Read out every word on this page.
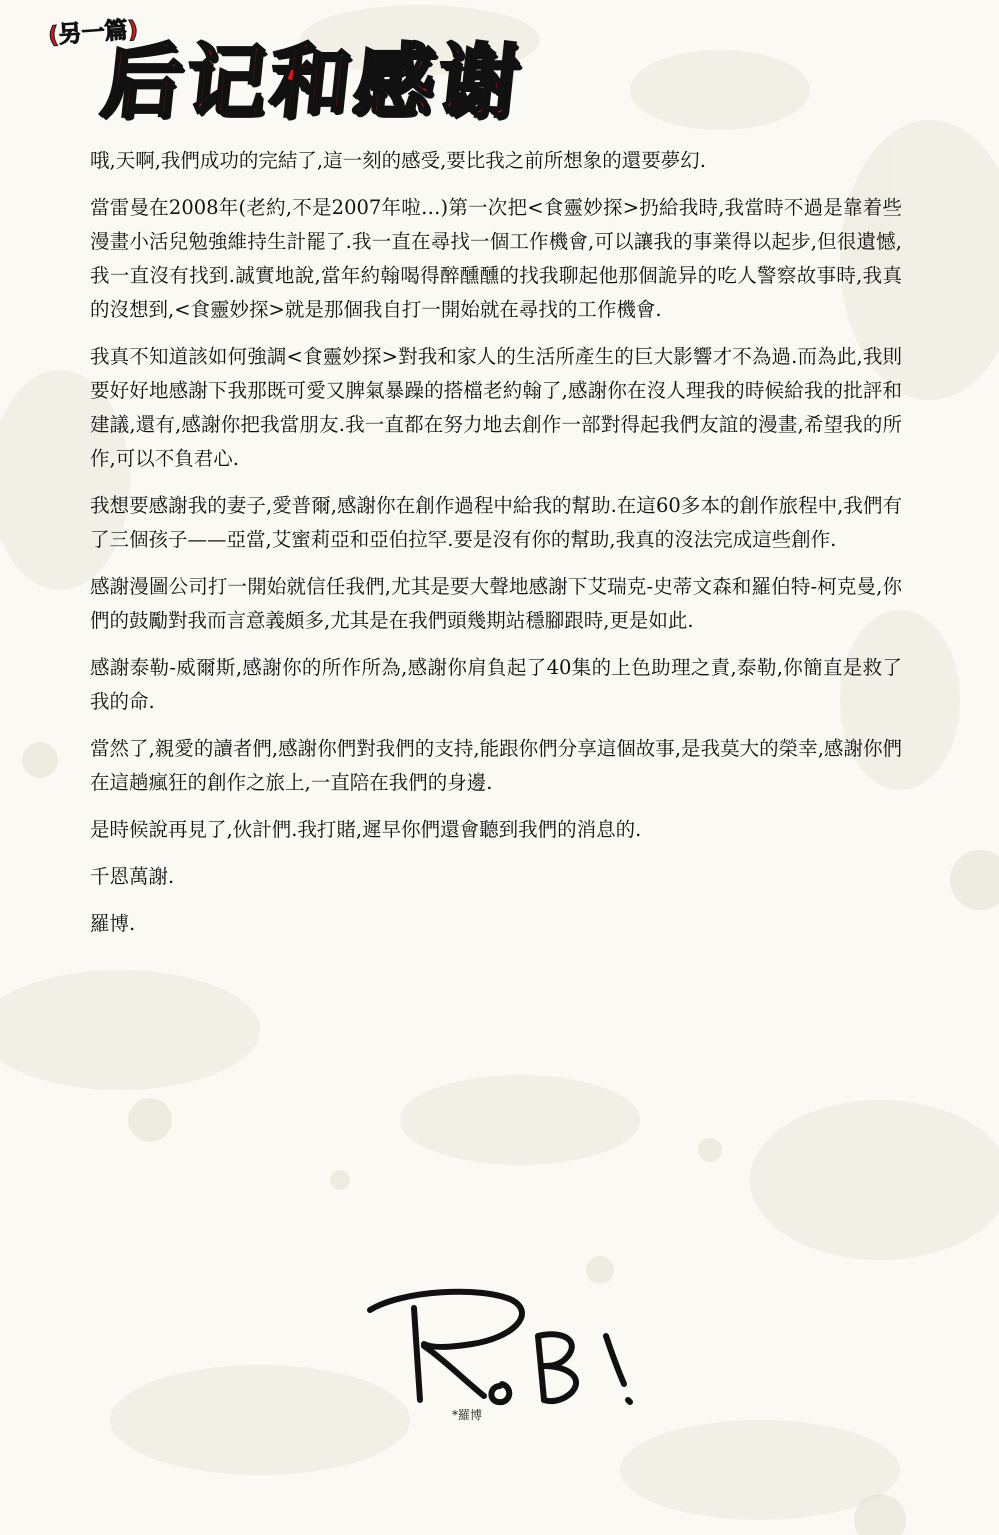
(另一篇)
后记和感谢

哦,天啊,我們成功的完結了,這一刻的感受,要比我之前所想象的還要夢幻.

當雷曼在2008年(老約,不是2007年啦…)第一次把<食靈妙探>扔給我時,我當時不過是靠着些漫畫小活兒勉強維持生計罷了.我一直在尋找一個工作機會,可以讓我的事業得以起步,但很遺憾,我一直沒有找到.誠實地說,當年約翰喝得醉醺醺的找我聊起他那個詭异的吃人警察故事時,我真的沒想到,<食靈妙探>就是那個我自打一開始就在尋找的工作機會.

我真不知道該如何強調<食靈妙探>對我和家人的生活所產生的巨大影響才不為過.而為此,我則要好好地感謝下我那既可愛又脾氣暴躁的搭檔老約翰了,感謝你在沒人理我的時候給我的批評和建議,還有,感謝你把我當朋友.我一直都在努力地去創作一部對得起我們友誼的漫畫,希望我的所作,可以不負君心.

我想要感謝我的妻子,愛普爾,感謝你在創作過程中給我的幫助.在這60多本的創作旅程中,我們有了三個孩子——亞當,艾蜜莉亞和亞伯拉罕.要是沒有你的幫助,我真的沒法完成這些創作.

感謝漫圖公司打一開始就信任我們,尤其是要大聲地感謝下艾瑞克-史蒂文森和羅伯特-柯克曼,你們的鼓勵對我而言意義頗多,尤其是在我們頭幾期站穩腳跟時,更是如此.

感謝泰勒-威爾斯,感謝你的所作所為,感謝你肩負起了40集的上色助理之責,泰勒,你簡直是救了我的命.

當然了,親愛的讀者們,感謝你們對我們的支持,能跟你們分享這個故事,是我莫大的榮幸,感謝你們在這趟瘋狂的創作之旅上,一直陪在我們的身邊.

是時候說再見了,伙計們.我打賭,遲早你們還會聽到我們的消息的.

千恩萬謝.

羅博.

*羅博
